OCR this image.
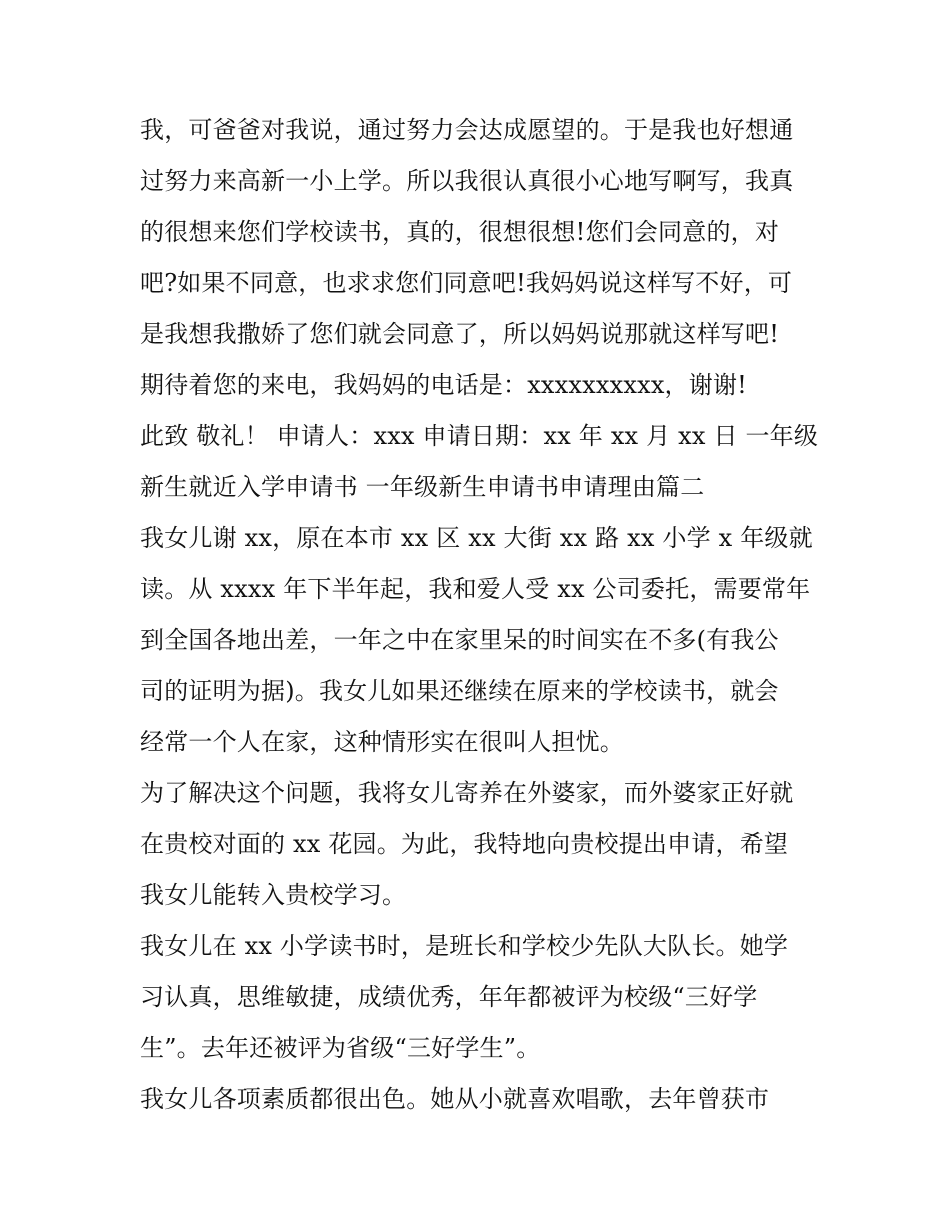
我，可爸爸对我说，通过努力会达成愿望的。于是我也好想通
过努力来高新一小上学。所以我很认真很小心地写啊写，我真
的很想来您们学校读书，真的，很想很想!您们会同意的，对
吧?如果不同意，也求求您们同意吧!我妈妈说这样写不好，可
是我想我撒娇了您们就会同意了，所以妈妈说那就这样写吧!
期待着您的来电，我妈妈的电话是：xxxxxxxxxx，谢谢!
此致 敬礼！ 申请人：xxx 申请日期：xx 年 xx 月 xx 日 一年级
新生就近入学申请书 一年级新生申请书申请理由篇二
我女儿谢 xx，原在本市 xx 区 xx 大街 xx 路 xx 小学 x 年级就
读。从 xxxx 年下半年起，我和爱人受 xx 公司委托，需要常年
到全国各地出差，一年之中在家里呆的时间实在不多(有我公
司的证明为据)。我女儿如果还继续在原来的学校读书，就会
经常一个人在家，这种情形实在很叫人担忧。
为了解决这个问题，我将女儿寄养在外婆家，而外婆家正好就
在贵校对面的 xx 花园。为此，我特地向贵校提出申请，希望
我女儿能转入贵校学习。
我女儿在 xx 小学读书时，是班长和学校少先队大队长。她学
习认真，思维敏捷，成绩优秀，年年都被评为校级“三好学
生”。去年还被评为省级“三好学生”。
我女儿各项素质都很出色。她从小就喜欢唱歌，去年曾获市
